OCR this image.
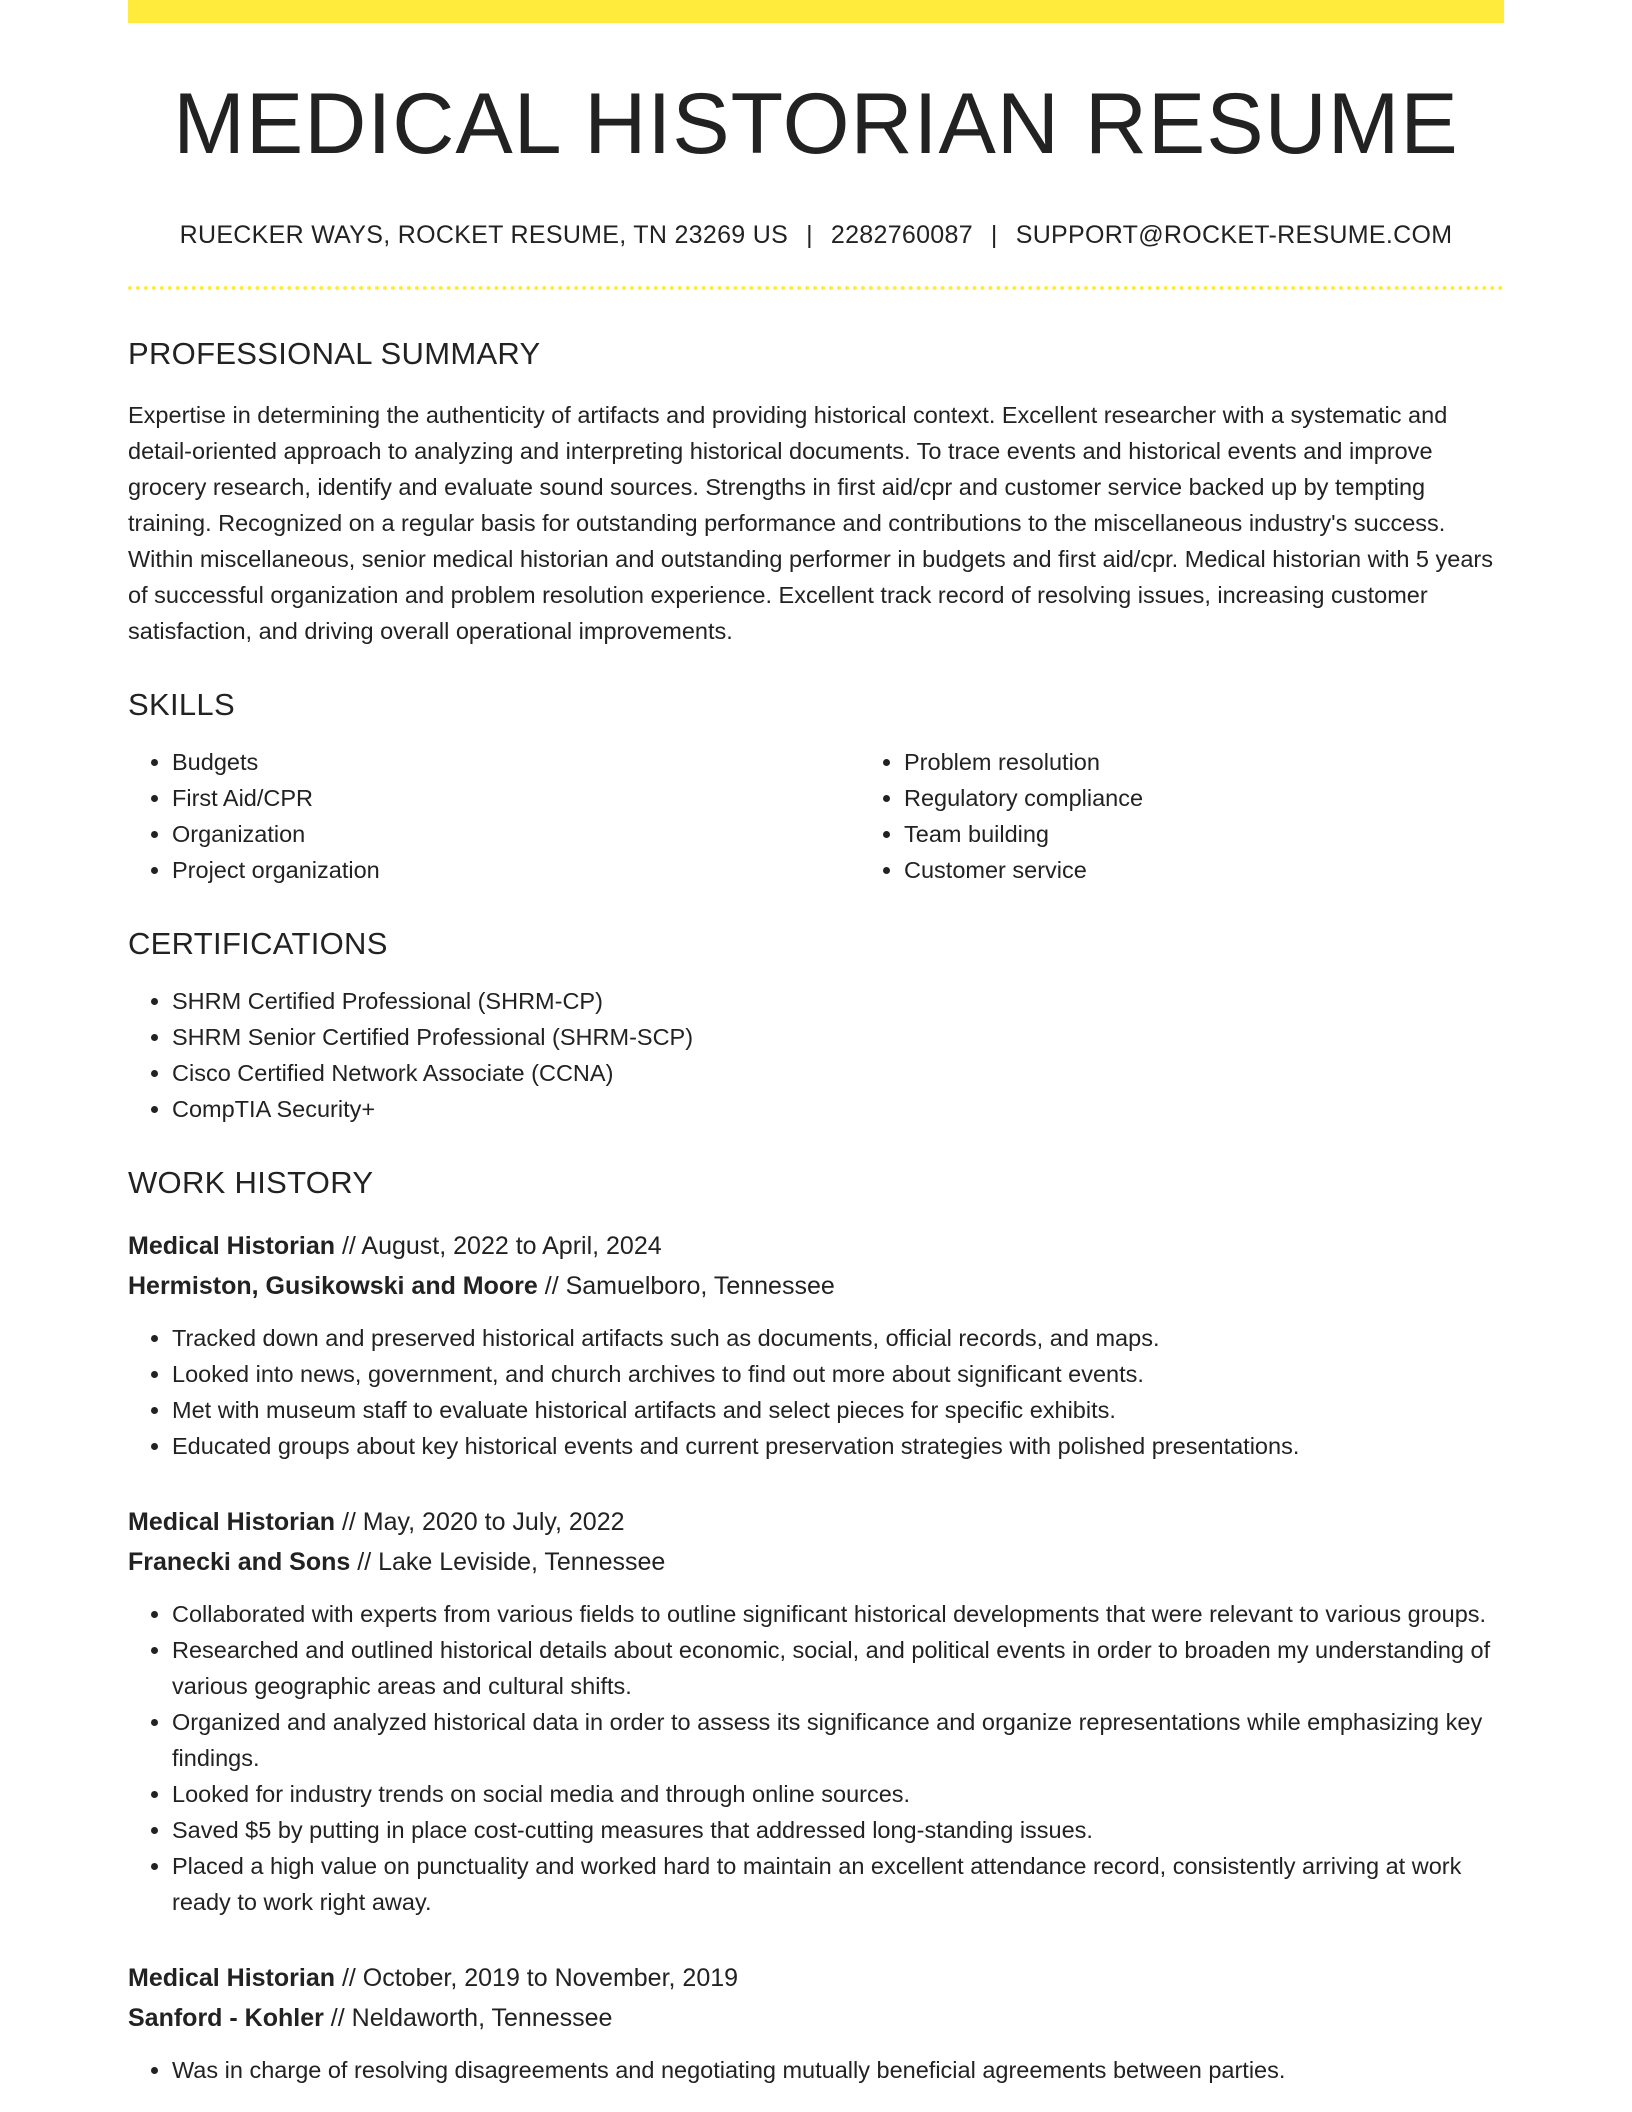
MEDICAL HISTORIAN RESUME
RUECKER WAYS, ROCKET RESUME, TN 23269 US | 2282760087 | SUPPORT@ROCKET-RESUME.COM
PROFESSIONAL SUMMARY

Expertise in determining the authenticity of artifacts and providing historical context. Excellent researcher with a systematic and detail-oriented approach to analyzing and interpreting historical documents. To trace events and historical events and improve grocery research, identify and evaluate sound sources. Strengths in first aid/cpr and customer service backed up by tempting training. Recognized on a regular basis for outstanding performance and contributions to the miscellaneous industry's success. Within miscellaneous, senior medical historian and outstanding performer in budgets and first aid/cpr. Medical historian with 5 years of successful organization and problem resolution experience. Excellent track record of resolving issues, increasing customer satisfaction, and driving overall operational improvements.

SKILLS
• Budgets
• First Aid/CPR
• Organization
• Project organization
• Problem resolution
• Regulatory compliance
• Team building
• Customer service
CERTIFICATIONS
• SHRM Certified Professional (SHRM-CP)
• SHRM Senior Certified Professional (SHRM-SCP)
• Cisco Certified Network Associate (CCNA)
• CompTIA Security+
WORK HISTORY
Medical Historian // August, 2022 to April, 2024
Hermiston, Gusikowski and Moore // Samuelboro, Tennessee
• Tracked down and preserved historical artifacts such as documents, official records, and maps.
• Looked into news, government, and church archives to find out more about significant events.
• Met with museum staff to evaluate historical artifacts and select pieces for specific exhibits.
• Educated groups about key historical events and current preservation strategies with polished presentations.
Medical Historian // May, 2020 to July, 2022
Franecki and Sons // Lake Leviside, Tennessee
• Collaborated with experts from various fields to outline significant historical developments that were relevant to various groups.
• Researched and outlined historical details about economic, social, and political events in order to broaden my understanding of various geographic areas and cultural shifts.
• Organized and analyzed historical data in order to assess its significance and organize representations while emphasizing key findings.
• Looked for industry trends on social media and through online sources.
• Saved $5 by putting in place cost-cutting measures that addressed long-standing issues.
• Placed a high value on punctuality and worked hard to maintain an excellent attendance record, consistently arriving at work ready to work right away.
Medical Historian // October, 2019 to November, 2019
Sanford - Kohler // Neldaworth, Tennessee
• Was in charge of resolving disagreements and negotiating mutually beneficial agreements between parties.
